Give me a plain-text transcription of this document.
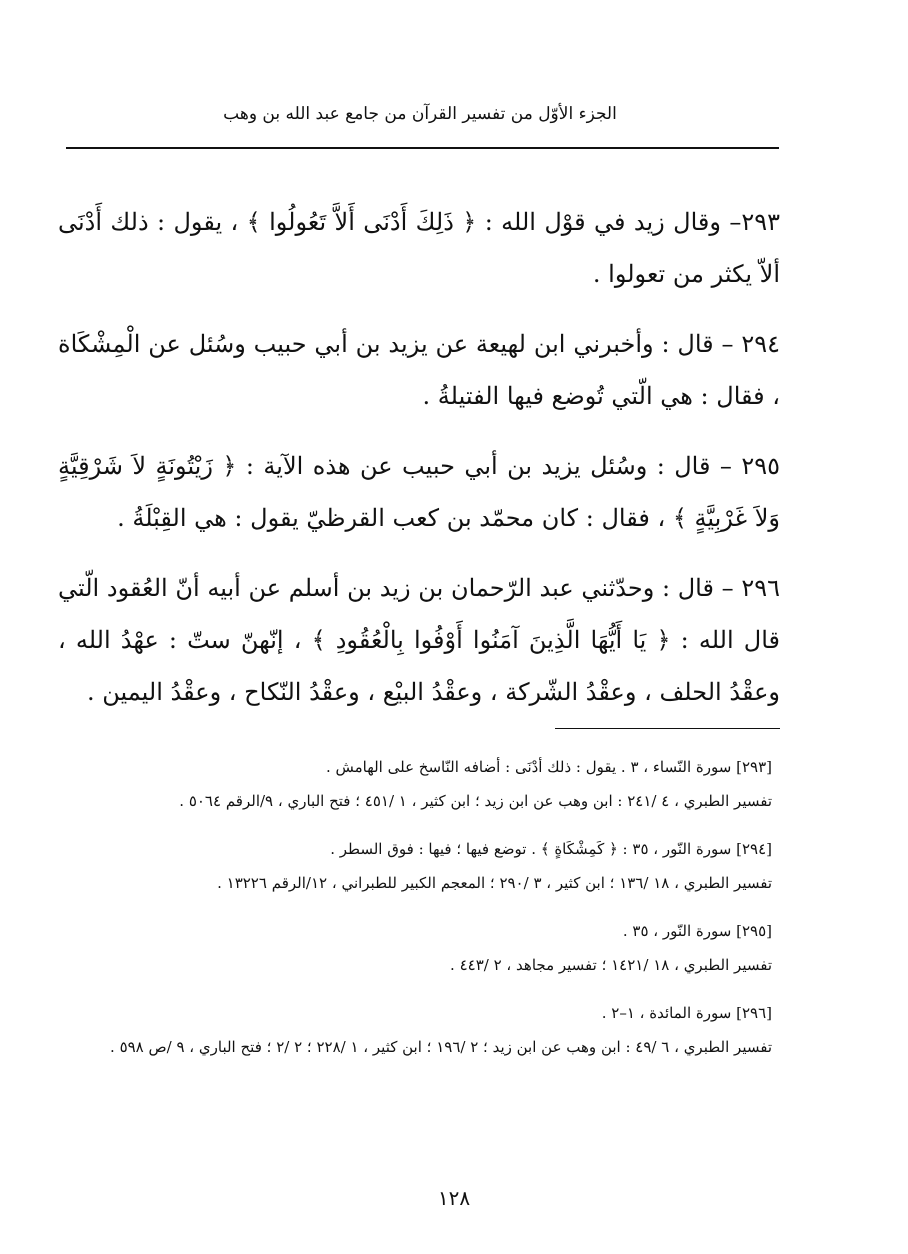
الجزء الأوّل من تفسير القرآن من جامع عبد الله بن وهب

٢٩٣– وقال زيد في قوْل الله : ﴿ ذَلِكَ أَدْنَى أَلاَّ تَعُولُوا ﴾ ، يقول : ذلك أَدْنَى ألاّ يكثر من تعولوا .

٢٩٤ – قال : وأخبرني ابن لهيعة عن يزيد بن أبي حبيب وسُئل عن الْمِشْكَاة ، فقال : هي الّتي تُوضع فيها الفتيلةُ .

٢٩٥ – قال : وسُئل يزيد بن أبي حبيب عن هذه الآية : ﴿ زَيْتُونَةٍ لاَ شَرْقِيَّةٍ وَلاَ غَرْبِيَّةٍ ﴾ ، فقال : كان محمّد بن كعب القرظيّ يقول : هي القِبْلَةُ .

٢٩٦ – قال : وحدّثني عبد الرّحمان بن زيد بن أسلم عن أبيه أنّ العُقود الّتي قال الله : ﴿ يَا أَيُّهَا الَّذِينَ آمَنُوا أَوْفُوا بِالْعُقُودِ ﴾ ، إنّهنّ ستّ : عهْدُ الله ، وعقْدُ الحلف ، وعقْدُ الشّركة ، وعقْدُ البيْع ، وعقْدُ النّكاح ، وعقْدُ اليمين .

[٢٩٣] سورة النّساء ، ٣ . يقول : ذلك أدْنَى : أضافه النّاسخ على الهامش .
تفسير الطبري ، ٤ /٢٤١ : ابن وهب عن ابن زيد ؛ ابن كثير ، ١ /٤٥١ ؛ فتح الباري ، ٩/الرقم ٥٠٦٤ .
[٢٩٤] سورة النّور ، ٣٥ : ﴿ كَمِشْكَاةٍ ﴾ . توضع فيها ؛ فيها : فوق السطر .
تفسير الطبري ، ١٨ /١٣٦ ؛ ابن كثير ، ٣ /٢٩٠ ؛ المعجم الكبير للطبراني ، ١٢/الرقم ١٣٢٢٦ .
[٢٩٥] سورة النّور ، ٣٥ .
تفسير الطبري ، ١٨ /١٤٢١ ؛ تفسير مجاهد ، ٢ /٤٤٣ .
[٢٩٦] سورة المائدة ، ١–٢ .
تفسير الطبري ، ٦ /٤٩ : ابن وهب عن ابن زيد ؛ ٢ /١٩٦ ؛ ابن كثير ، ١ /٢٢٨ ؛ ٢ /٢ ؛ فتح الباري ، ٩ /ص ٥٩٨ .
١٢٨
